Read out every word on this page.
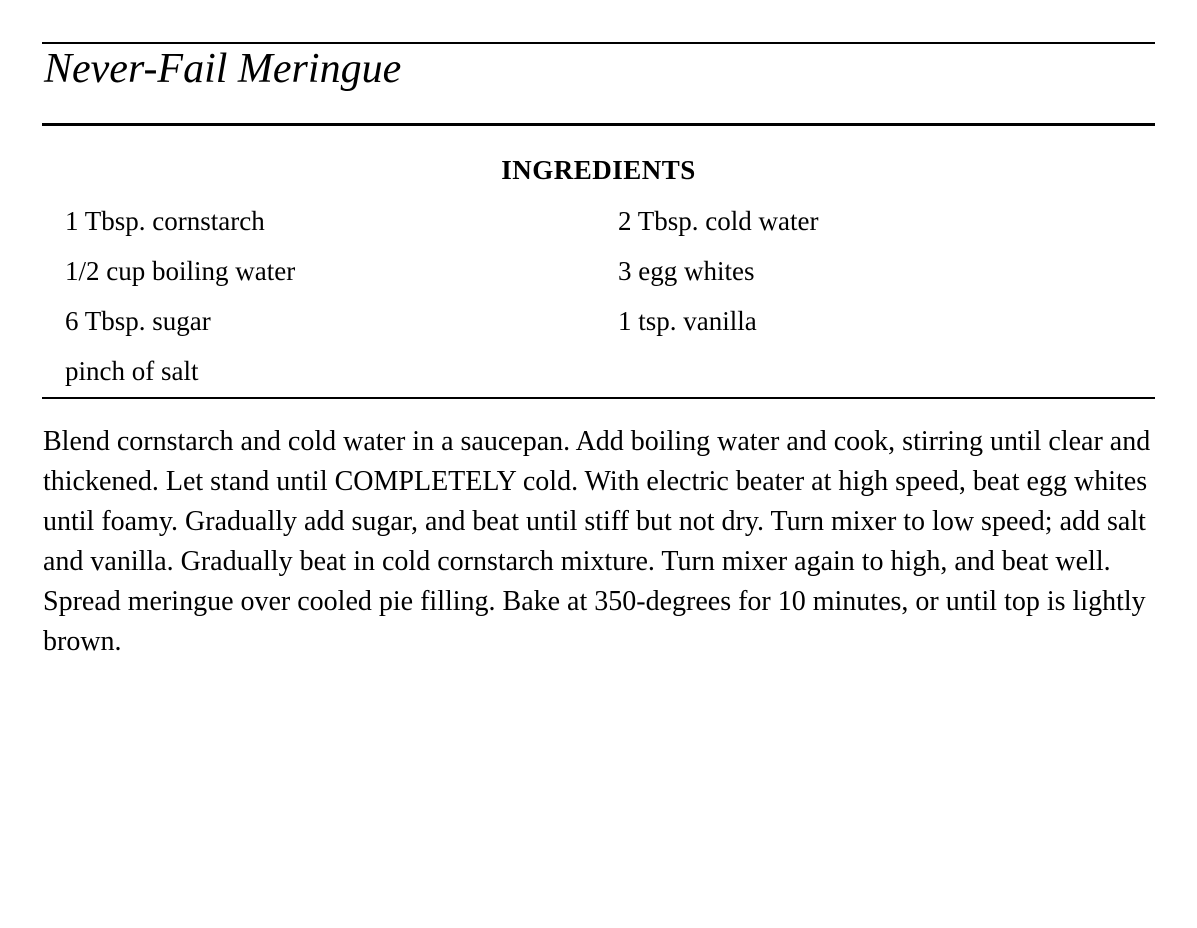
Never-Fail Meringue
INGREDIENTS
1 Tbsp. cornstarch
1/2 cup boiling water
6 Tbsp. sugar
pinch of salt
2 Tbsp. cold water
3 egg whites
1 tsp. vanilla

Blend cornstarch and cold water in a saucepan. Add boiling water and cook, stirring until clear and thickened. Let stand until COMPLETELY cold. With electric beater at high speed, beat egg whites until foamy. Gradually add sugar, and beat until stiff but not dry. Turn mixer to low speed; add salt and vanilla. Gradually beat in cold cornstarch mixture. Turn mixer again to high, and beat well. Spread meringue over cooled pie filling. Bake at 350-degrees for 10 minutes, or until top is lightly brown.
